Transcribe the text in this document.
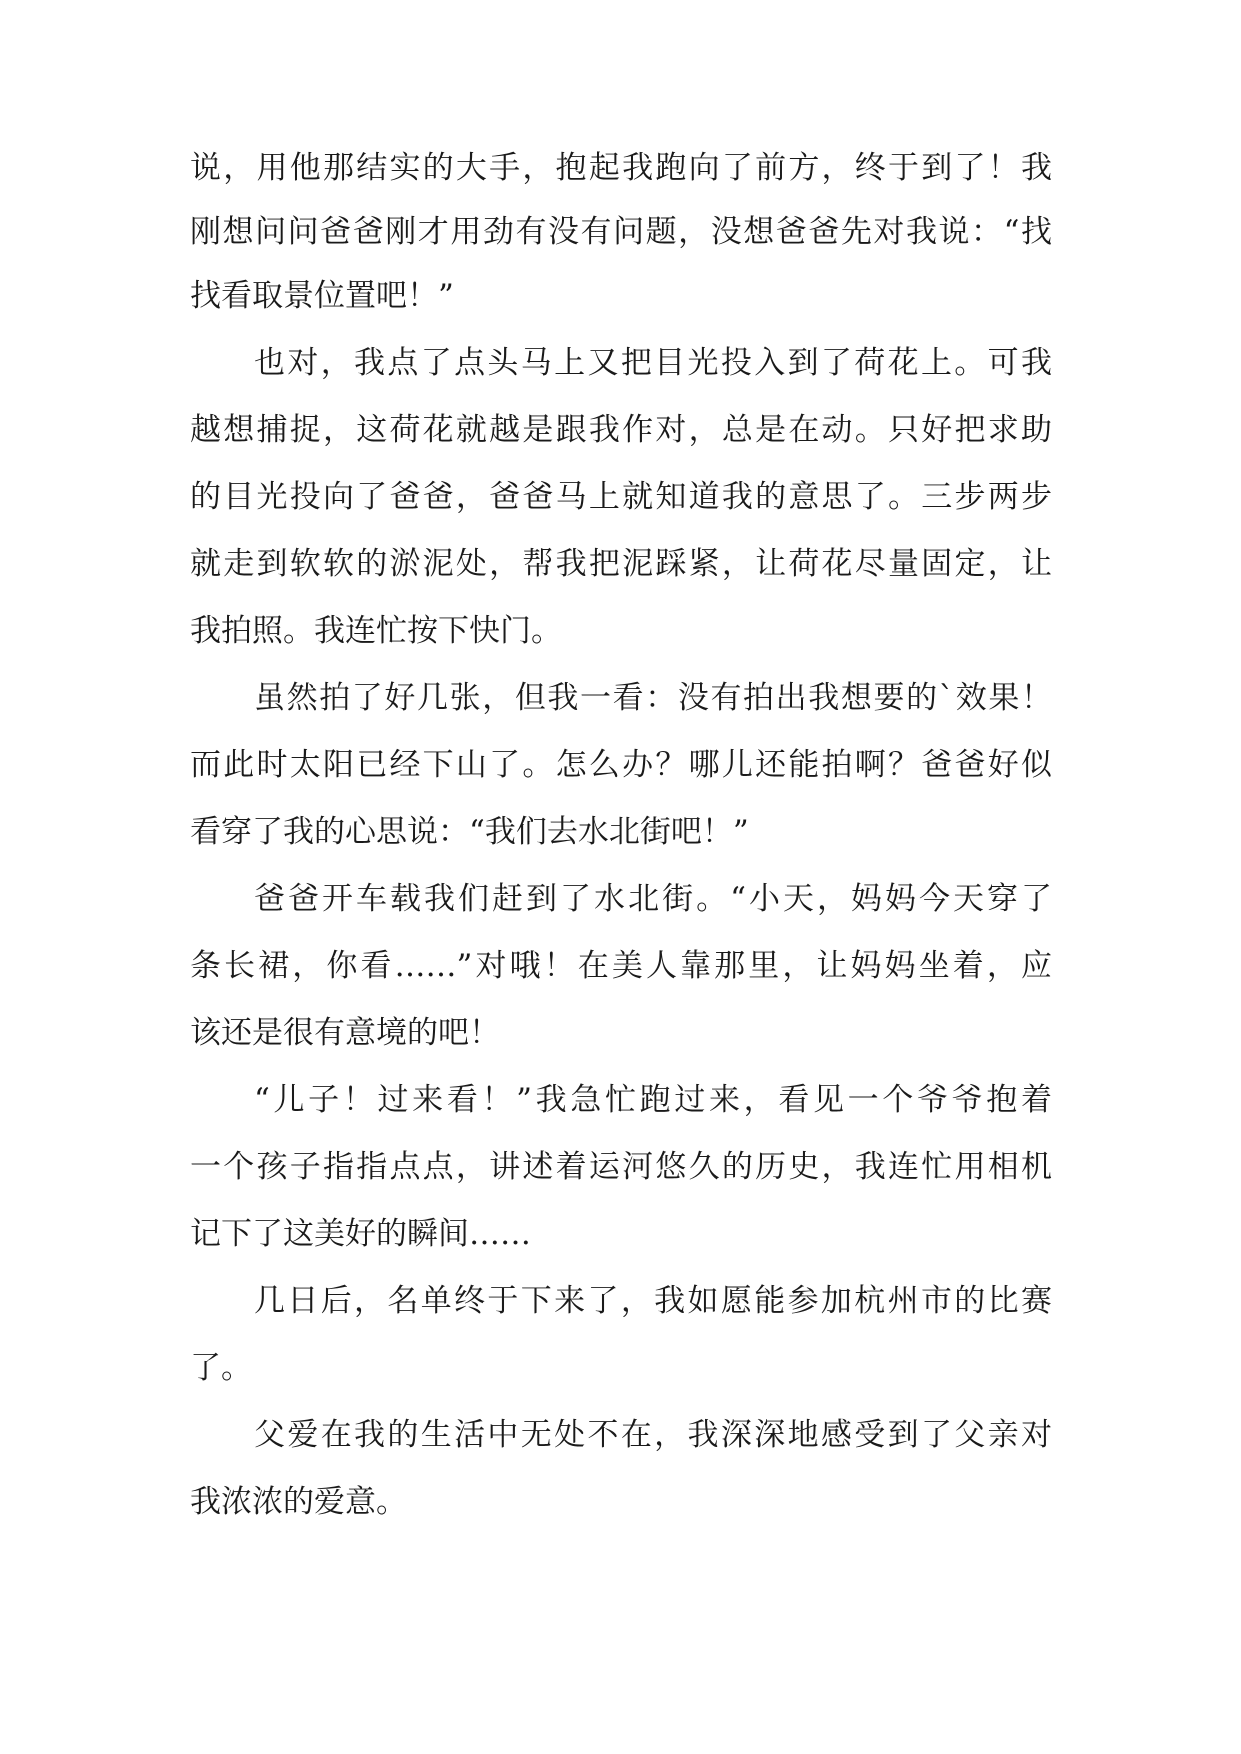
说，用他那结实的大手，抱起我跑向了前方，终于到了！我
刚想问问爸爸刚才用劲有没有问题，没想爸爸先对我说：“找
找看取景位置吧！”
也对，我点了点头马上又把目光投入到了荷花上。可我
越想捕捉，这荷花就越是跟我作对，总是在动。只好把求助
的目光投向了爸爸，爸爸马上就知道我的意思了。三步两步
就走到软软的淤泥处，帮我把泥踩紧，让荷花尽量固定，让
我拍照。我连忙按下快门。
虽然拍了好几张，但我一看：没有拍出我想要的`效果！
而此时太阳已经下山了。怎么办？哪儿还能拍啊？爸爸好似
看穿了我的心思说：“我们去水北街吧！”
爸爸开车载我们赶到了水北街。“小天，妈妈今天穿了
条长裙，你看……”对哦！在美人靠那里，让妈妈坐着，应
该还是很有意境的吧！
“儿子！过来看！”我急忙跑过来，看见一个爷爷抱着
一个孩子指指点点，讲述着运河悠久的历史，我连忙用相机
记下了这美好的瞬间……
几日后，名单终于下来了，我如愿能参加杭州市的比赛
了。
父爱在我的生活中无处不在，我深深地感受到了父亲对
我浓浓的爱意。
